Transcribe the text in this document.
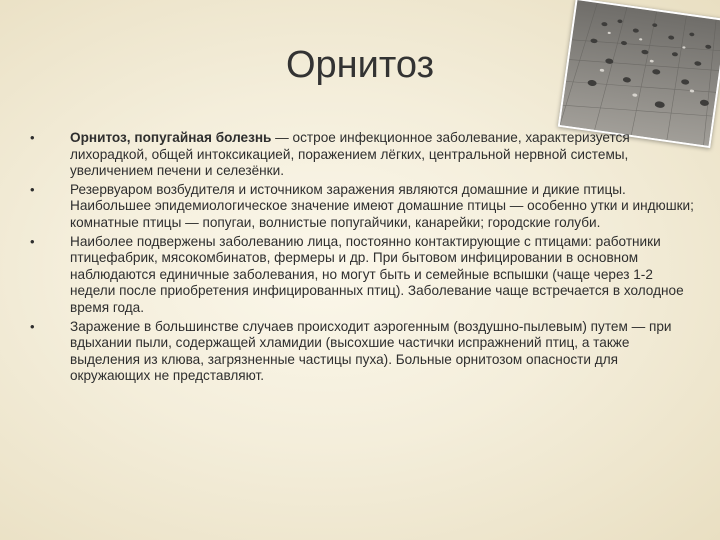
Орнитоз
•	Орнитоз, попугайная болезнь — острое инфекционное заболевание, характеризуется лихорадкой, общей интоксикацией, поражением лёгких, центральной нервной системы, увеличением печени и селезёнки.
•	Резервуаром возбудителя и источником заражения являются домашние и дикие птицы. Наибольшее эпидемиологическое значение имеют домашние птицы — особенно утки и индюшки; комнатные птицы — попугаи, волнистые попугайчики, канарейки; городские голуби.
•	Наиболее подвержены заболеванию лица, постоянно контактирующие с птицами: работники птицефабрик, мясокомбинатов, фермеры и др. При бытовом инфицировании в основном наблюдаются единичные заболевания, но могут быть и семейные вспышки (чаще через 1-2 недели после приобретения инфицированных птиц). Заболевание чаще встречается в холодное время года.
•	Заражение в большинстве случаев происходит аэрогенным (воздушно-пылевым) путем — при вдыхании пыли, содержащей хламидии (высохшие частички испражнений птиц, а также выделения из клюва, загрязненные частицы пуха). Больные орнитозом опасности для окружающих не представляют.
